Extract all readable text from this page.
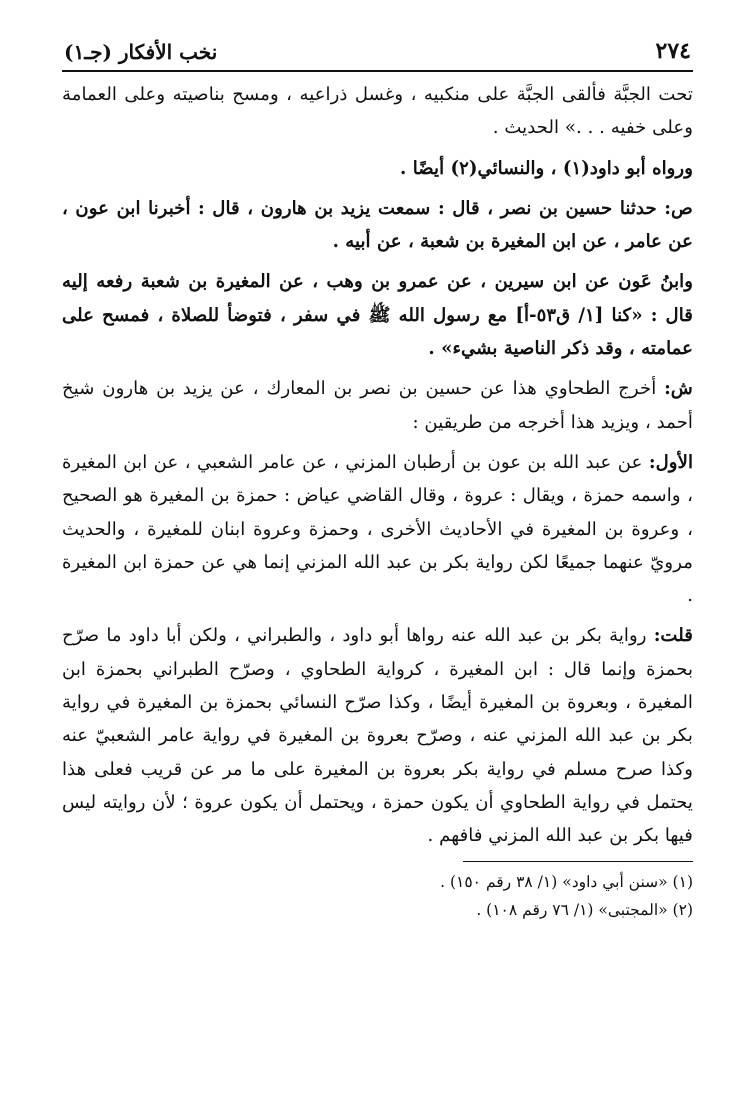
٢٧٤
نخب الأفكار (جـ١)

تحت الجبَّة فألقى الجبَّة على منكبيه ، وغسل ذراعيه ، ومسح بناصيته وعلى العمامة وعلى خفيه . . .» الحديث .

ورواه أبو داود(١) ، والنسائي(٢) أيضًا .

ص: حدثنا حسين بن نصر ، قال : سمعت يزيد بن هارون ، قال : أخبرنا ابن عون ، عن عامر ، عن ابن المغيرة بن شعبة ، عن أبيه .

وابنُ عَون عن ابن سيرين ، عن عمرو بن وهب ، عن المغيرة بن شعبة رفعه إليه قال : «كنا [١/ ق٥٣-أ] مع رسول الله ﷺ في سفر ، فتوضأ للصلاة ، فمسح على عمامته ، وقد ذكر الناصية بشيء» .

ش: أخرج الطحاوي هذا عن حسين بن نصر بن المعارك ، عن يزيد بن هارون شيخ أحمد ، ويزيد هذا أخرجه من طريقين :

الأول: عن عبد الله بن عون بن أرطبان المزني ، عن عامر الشعبي ، عن ابن المغيرة ، واسمه حمزة ، ويقال : عروة ، وقال القاضي عياض : حمزة بن المغيرة هو الصحيح ، وعروة بن المغيرة في الأحاديث الأخرى ، وحمزة وعروة ابنان للمغيرة ، والحديث مرويّ عنهما جميعًا لكن رواية بكر بن عبد الله المزني إنما هي عن حمزة ابن المغيرة .

قلت: رواية بكر بن عبد الله عنه رواها أبو داود ، والطبراني ، ولكن أبا داود ما صرّح بحمزة وإنما قال : ابن المغيرة ، كرواية الطحاوي ، وصرّح الطبراني بحمزة ابن المغيرة ، وبعروة بن المغيرة أيضًا ، وكذا صرّح النسائي بحمزة بن المغيرة في رواية بكر بن عبد الله المزني عنه ، وصرّح بعروة بن المغيرة في رواية عامر الشعبيّ عنه وكذا صرح مسلم في رواية بكر بعروة بن المغيرة على ما مر عن قريب فعلى هذا يحتمل في رواية الطحاوي أن يكون حمزة ، ويحتمل أن يكون عروة ؛ لأن روايته ليس فيها بكر بن عبد الله المزني فافهم .

(١) «سنن أبي داود» (١/ ٣٨ رقم ١٥٠) .
(٢) «المجتبى» (١/ ٧٦ رقم ١٠٨) .
